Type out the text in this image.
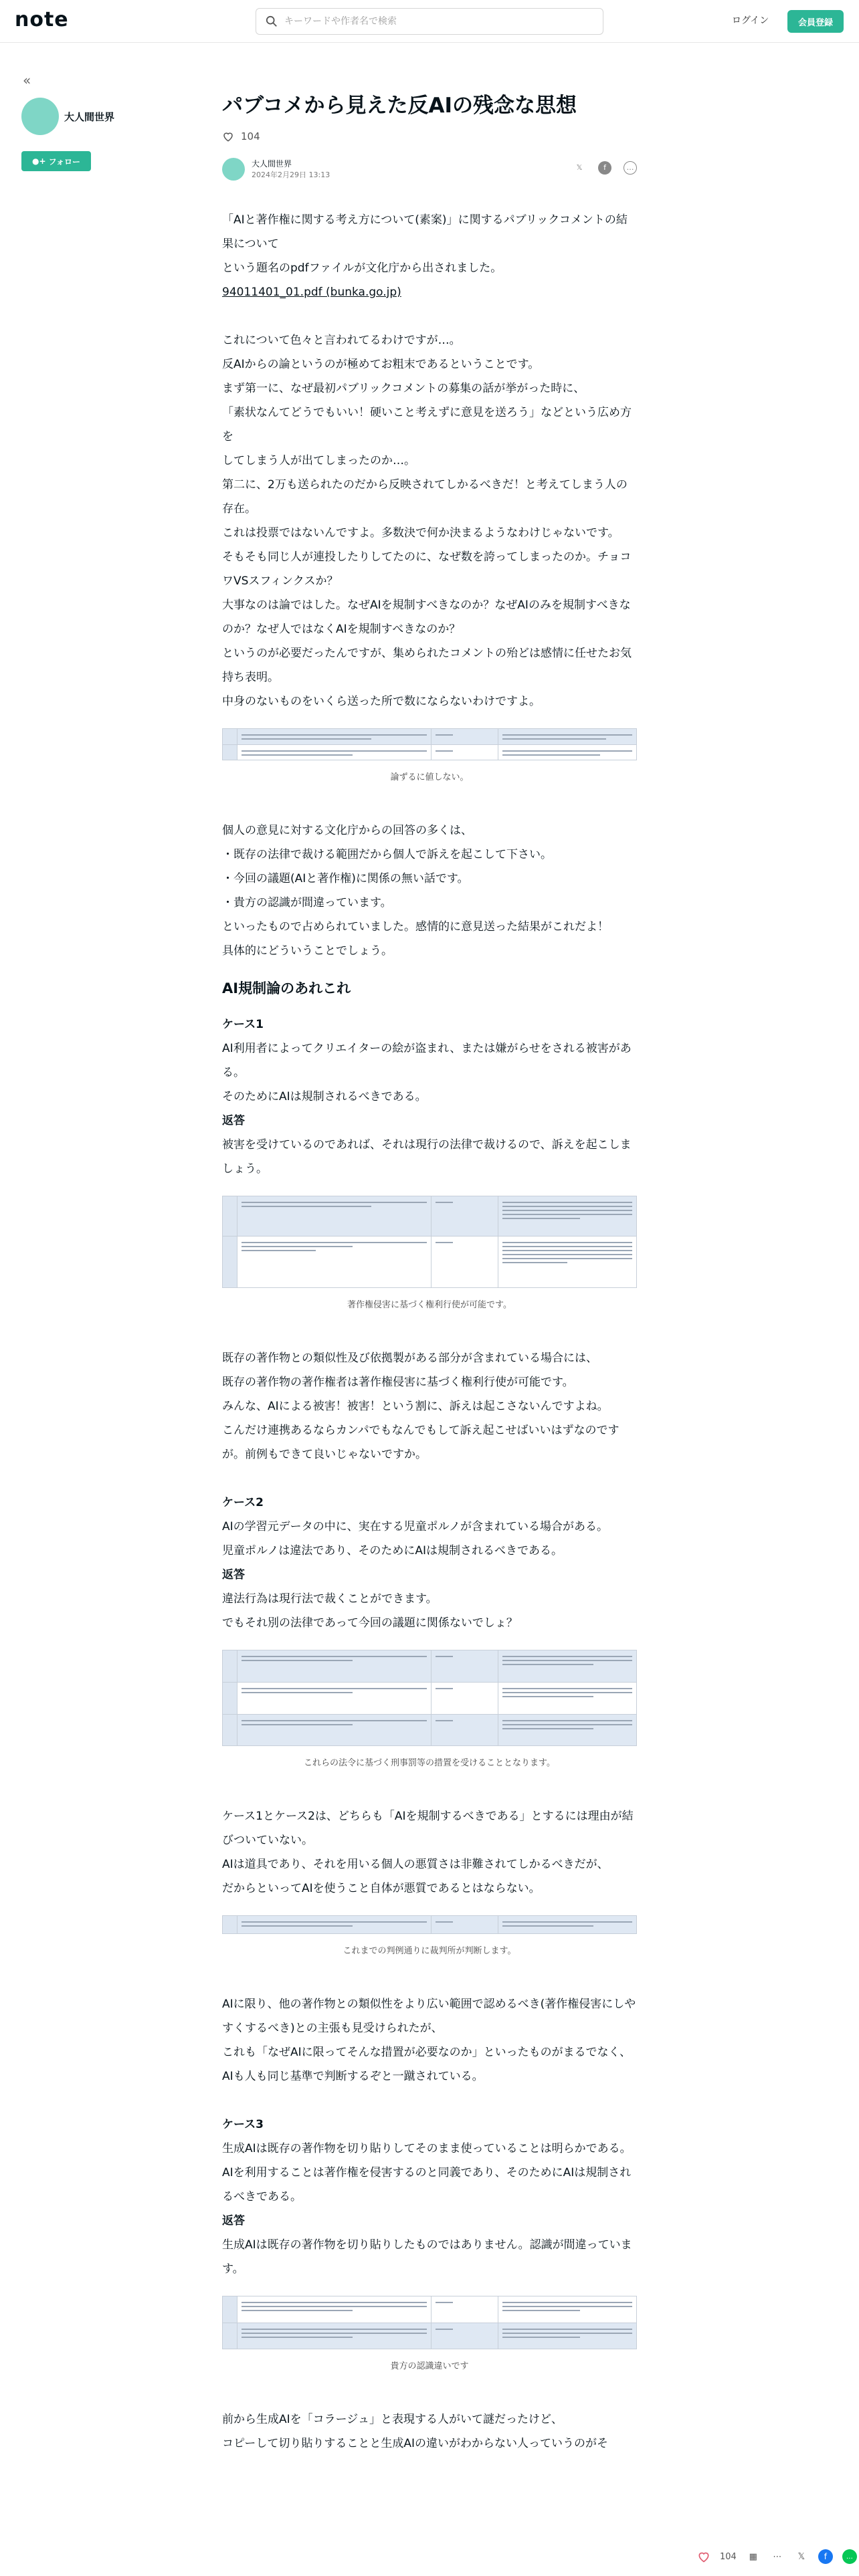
note
キーワードや作者名で検索	ログイン	会員登録
«
大人間世界
●+ フォロー
パブコメから見えた反AIの残念な思想
104
大人間世界
2024年2月29日 13:13
𝕏	f	…
「AIと著作権に関する考え方について(素案)」に関するパブリックコメントの結果について
という題名のpdfファイルが文化庁から出されました。
94011401_01.pdf (bunka.go.jp)
これについて色々と言われてるわけですが…。
反AIからの論というのが極めてお粗末であるということです。
まず第一に、なぜ最初パブリックコメントの募集の話が挙がった時に、
「素状なんてどうでもいい！硬いこと考えずに意見を送ろう」などという広め方を
してしまう人が出てしまったのか…。
第二に、2万も送られたのだから反映されてしかるべきだ！と考えてしまう人の存在。
これは投票ではないんですよ。多数決で何か決まるようなわけじゃないです。
そもそも同じ人が連投したりしてたのに、なぜ数を誇ってしまったのか。チョコワVSスフィンクスか？
大事なのは論ではした。なぜAIを規制すべきなのか？なぜAIのみを規制すべきなのか？なぜ人ではなくAIを規制すべきなのか？
というのが必要だったんですが、集められたコメントの殆どは感情に任せたお気持ち表明。
中身のないものをいくら送った所で数にならないわけですよ。
論ずるに値しない。
個人の意見に対する文化庁からの回答の多くは、
・既存の法律で裁ける範囲だから個人で訴えを起こして下さい。
・今回の議題(AIと著作権)に関係の無い話です。
・貴方の認識が間違っています。
といったもので占められていました。感情的に意見送った結果がこれだよ！
具体的にどういうことでしょう。
AI規制論のあれこれ
ケース1
AI利用者によってクリエイターの絵が盗まれ、または嫌がらせをされる被害がある。
そのためにAIは規制されるべきである。
返答
被害を受けているのであれば、それは現行の法律で裁けるので、訴えを起こしましょう。
著作権侵害に基づく権利行使が可能です。
既存の著作物との類似性及び依拠製がある部分が含まれている場合には、
既存の著作物の著作権者は著作権侵害に基づく権利行使が可能です。
みんな、AIによる被害！被害！という割に、訴えは起こさないんですよね。
こんだけ連携あるならカンパでもなんでもして訴え起こせばいいはずなのですが。前例もできて良いじゃないですか。
ケース2
AIの学習元データの中に、実在する児童ポルノが含まれている場合がある。
児童ポルノは違法であり、そのためにAIは規制されるべきである。
返答
違法行為は現行法で裁くことができます。
でもそれ別の法律であって今回の議題に関係ないでしょ？
これらの法令に基づく刑事罰等の措置を受けることとなります。
ケース1とケース2は、どちらも「AIを規制するべきである」とするには理由が結びついていない。
AIは道具であり、それを用いる個人の悪質さは非難されてしかるべきだが、
だからといってAIを使うこと自体が悪質であるとはならない。
これまでの判例通りに裁判所が判断します。
AIに限り、他の著作物との類似性をより広い範囲で認めるべき(著作権侵害にしやすくするべき)との主張も見受けられたが、
これも「なぜAIに限ってそんな措置が必要なのか」といったものがまるでなく、
AIも人も同じ基準で判断するぞと一蹴されている。
ケース3
生成AIは既存の著作物を切り貼りしてそのまま使っていることは明らかである。
AIを利用することは著作権を侵害するのと同義であり、そのためにAIは規制されるべきである。
返答
生成AIは既存の著作物を切り貼りしたものではありません。認識が間違っています。
貴方の認識違いです
前から生成AIを「コラージュ」と表現する人がいて謎だったけど、
コピーして切り貼りすることと生成AIの違いがわからない人っていうのがそ
104	▦	⋯	𝕏	f	…
